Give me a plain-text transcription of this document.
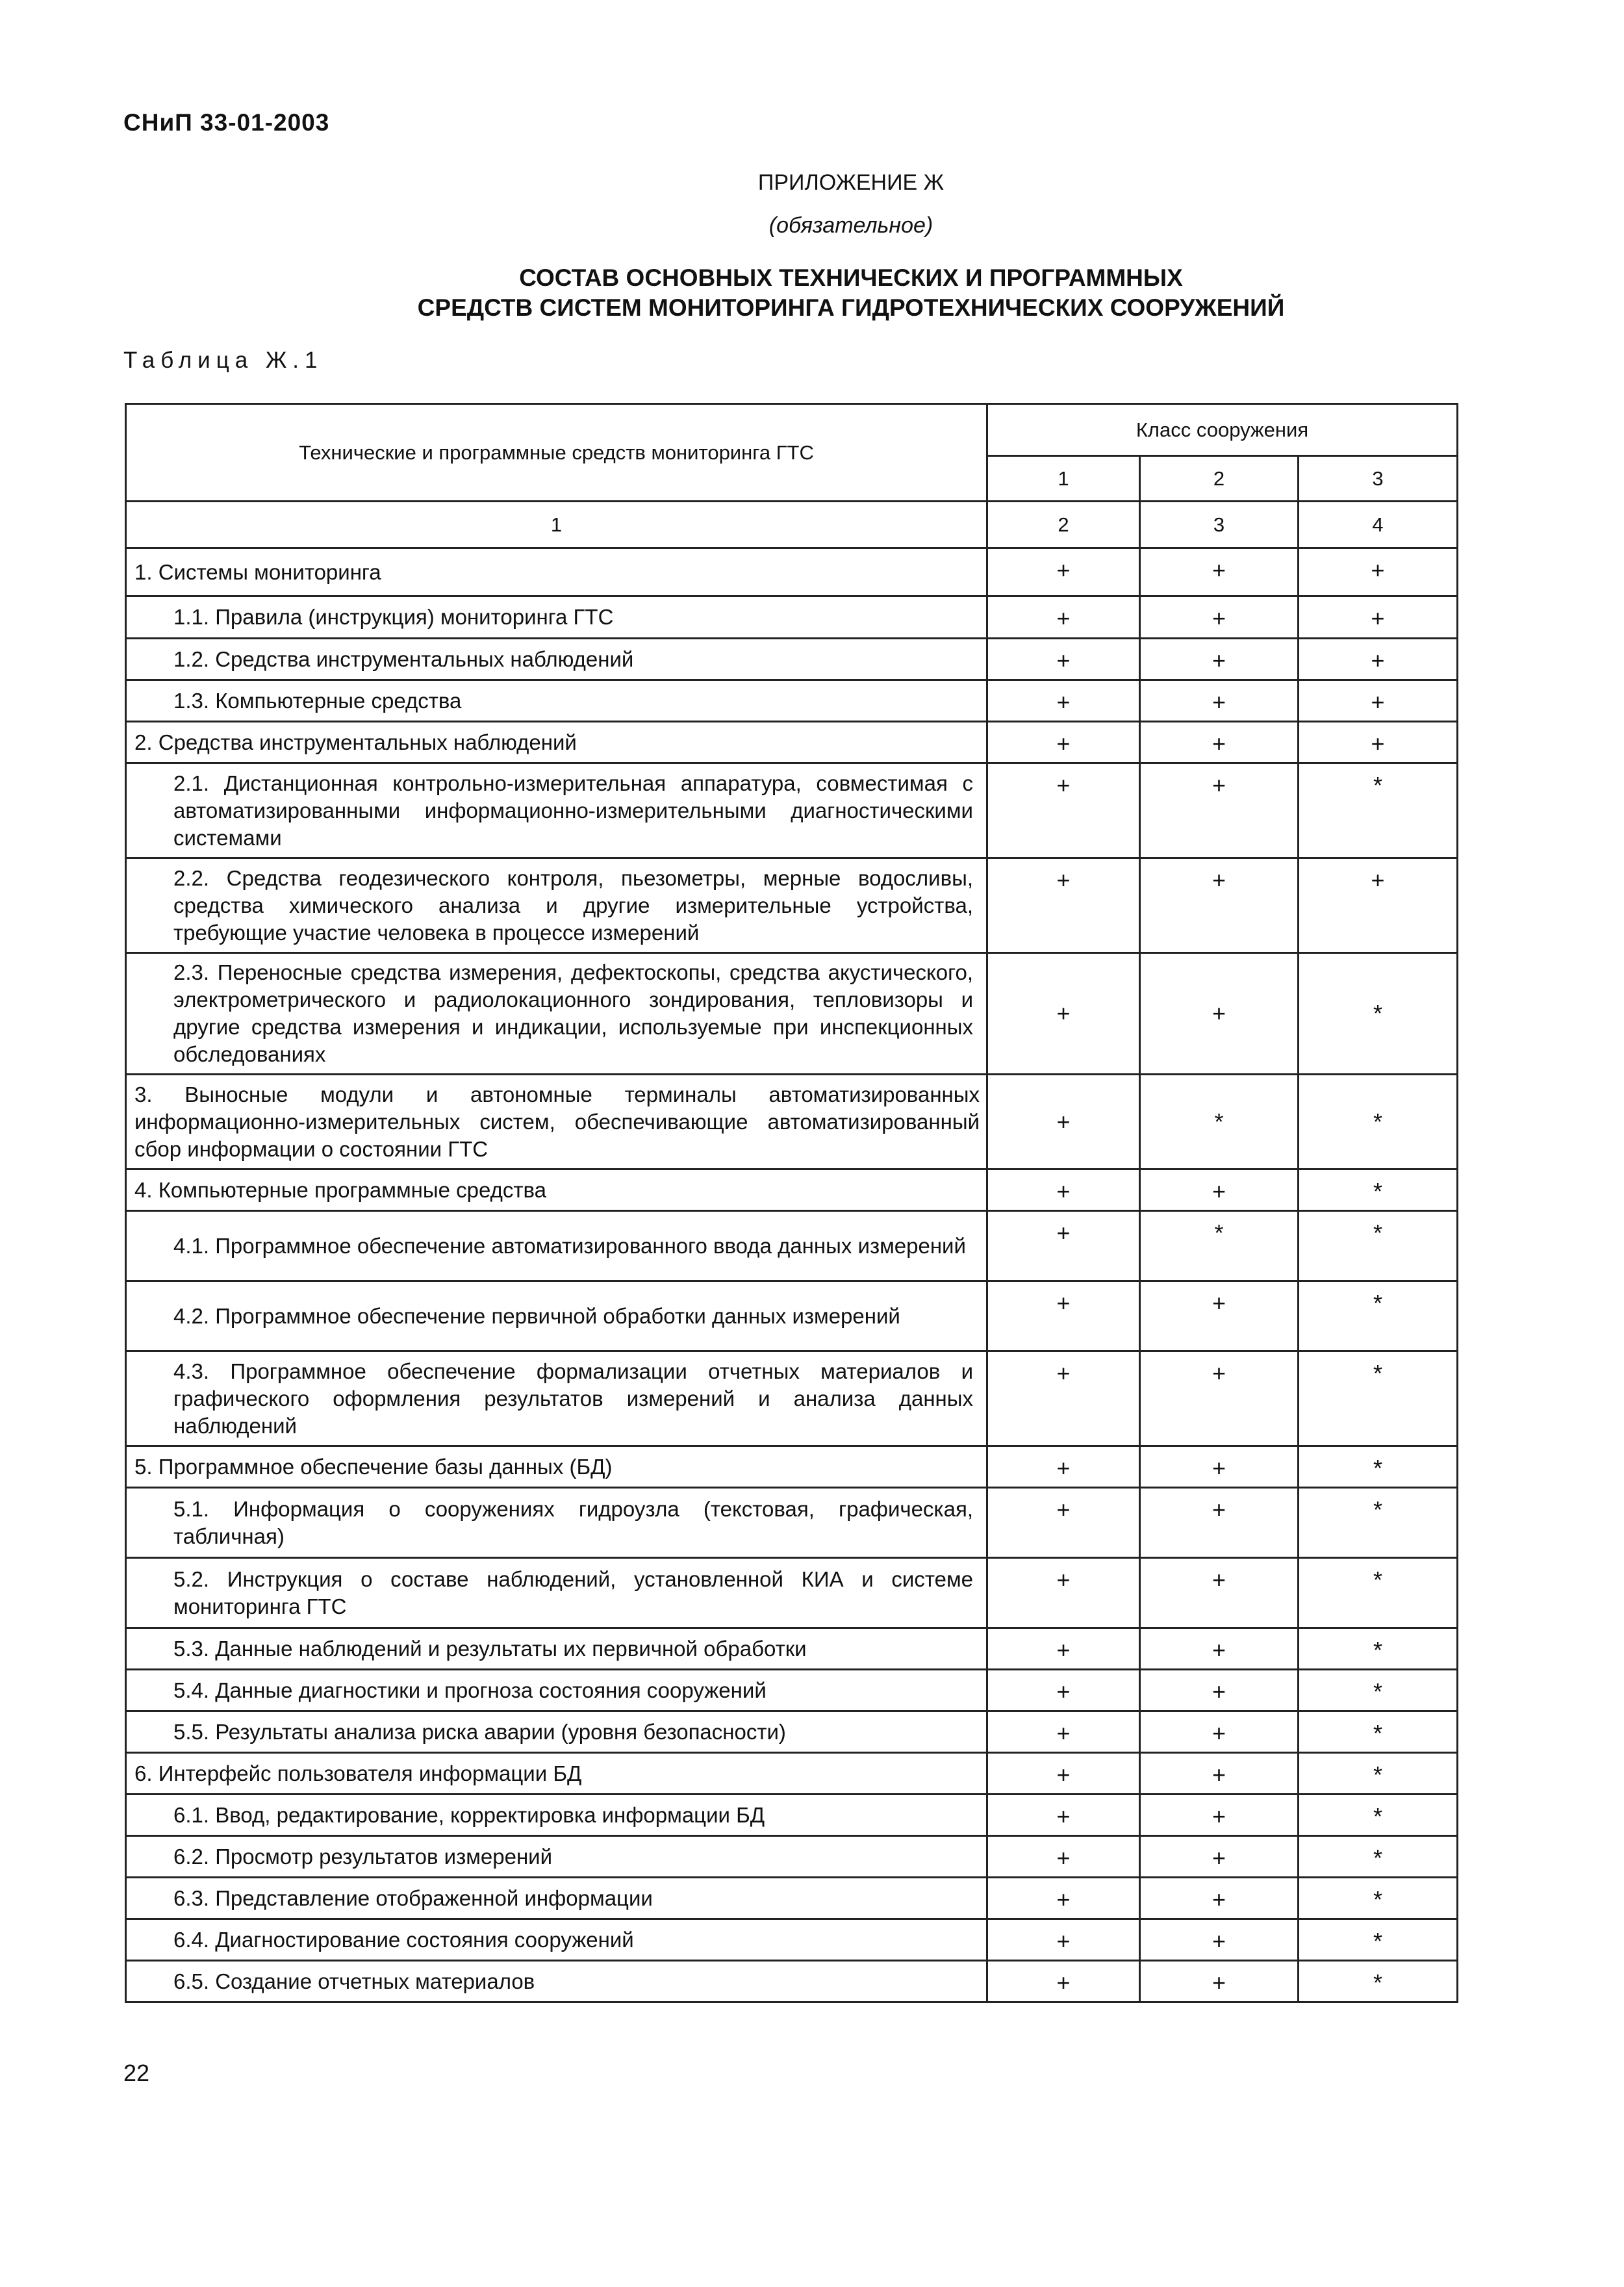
СНиП 33-01-2003
ПРИЛОЖЕНИЕ Ж
(обязательное)
СОСТАВ ОСНОВНЫХ ТЕХНИЧЕСКИХ И ПРОГРАММНЫХ
СРЕДСТВ СИСТЕМ МОНИТОРИНГА ГИДРОТЕХНИЧЕСКИХ СООРУЖЕНИЙ
Таблица Ж.1
Технические и программные средств мониторинга ГТС	Класс сооружения		
	1	2	3
1	2	3	4
1. Системы мониторинга	+	+	+
1.1. Правила (инструкция) мониторинга ГТС	+	+	+
1.2. Средства инструментальных наблюдений	+	+	+
1.3. Компьютерные средства	+	+	+
2. Средства инструментальных наблюдений	+	+	+
2.1. Дистанционная контрольно-измерительная аппаратура, совместимая с автоматизированными информационно-измерительными диагностическими системами	+	+	*
2.2. Средства геодезического контроля, пьезометры, мерные водосливы, средства химического анализа и другие измерительные устройства, требующие участие человека в процессе измерений	+	+	+
2.3. Переносные средства измерения, дефектоскопы, средства акустического, электрометрического и радиолокационного зондирования, тепловизоры и другие средства измерения и индикации, используемые при инспекционных обследованиях	+	+	*
3. Выносные модули и автономные терминалы автоматизированных информационно-измерительных систем, обеспечивающие автоматизированный сбор информации о состоянии ГТС	+	*	*
4. Компьютерные программные средства	+	+	*
4.1. Программное обеспечение автоматизированного ввода данных измерений	+	*	*
4.2. Программное обеспечение первичной обработки данных измерений	+	+	*
4.3. Программное обеспечение формализации отчетных материалов и графического оформления результатов измерений и анализа данных наблюдений	+	+	*
5. Программное обеспечение базы данных (БД)	+	+	*
5.1. Информация о сооружениях гидроузла (текстовая, графическая, табличная)	+	+	*
5.2. Инструкция о составе наблюдений, установленной КИА и системе мониторинга ГТС	+	+	*
5.3. Данные наблюдений и результаты их первичной обработки	+	+	*
5.4. Данные диагностики и прогноза состояния сооружений	+	+	*
5.5. Результаты анализа риска аварии (уровня безопасности)	+	+	*
6. Интерфейс пользователя информации БД	+	+	*
6.1. Ввод, редактирование, корректировка информации БД	+	+	*
6.2. Просмотр результатов измерений	+	+	*
6.3. Представление отображенной информации	+	+	*
6.4. Диагностирование состояния сооружений	+	+	*
6.5. Создание отчетных материалов	+	+	*
22
